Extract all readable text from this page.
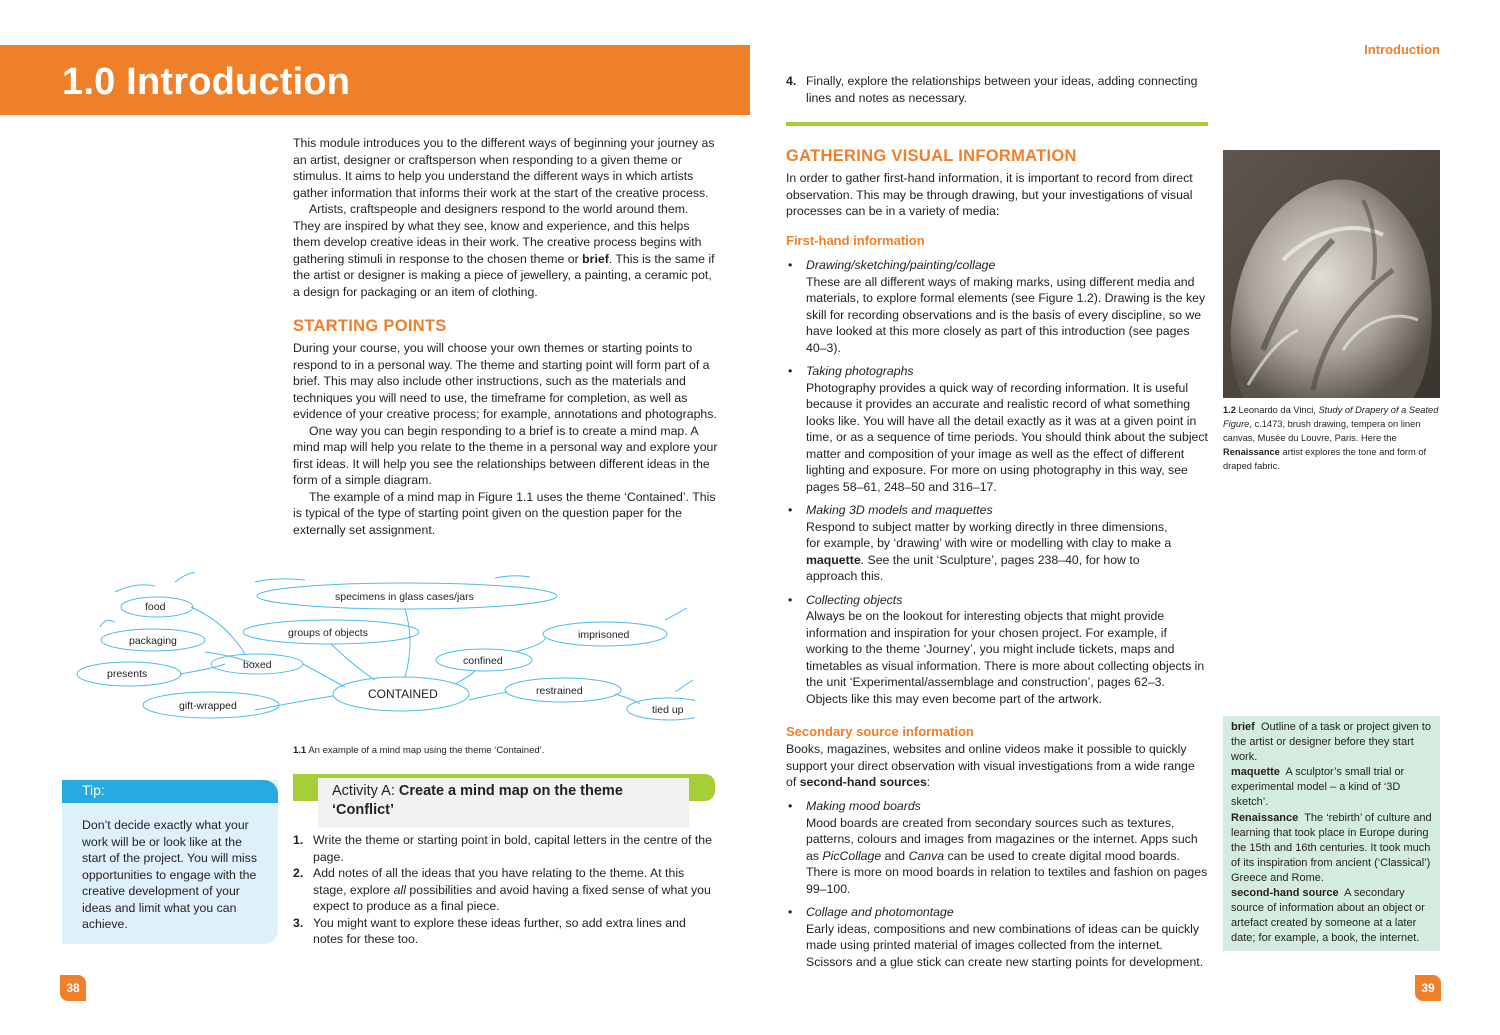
1.0 Introduction
Introduction

This module introduces you to the different ways of beginning your journey as an artist, designer or craftsperson when responding to a given theme or stimulus. It aims to help you understand the different ways in which artists gather information that informs their work at the start of the creative process.

Artists, craftspeople and designers respond to the world around them. They are inspired by what they see, know and experience, and this helps them develop creative ideas in their work. The creative process begins with gathering stimuli in response to the chosen theme or brief. This is the same if the artist or designer is making a piece of jewellery, a painting, a ceramic pot, a design for packaging or an item of clothing.

STARTING POINTS

During your course, you will choose your own themes or starting points to respond to in a personal way. The theme and starting point will form part of a brief. This may also include other instructions, such as the materials and techniques you will need to use, the timeframe for completion, as well as evidence of your creative process; for example, annotations and photographs.

One way you can begin responding to a brief is to create a mind map. A mind map will help you relate to the theme in a personal way and explore your first ideas. It will help you see the relationships between different ideas in the form of a simple diagram.

The example of a mind map in Figure 1.1 uses the theme ‘Contained’. This is typical of the type of starting point given on the question paper for the externally set assignment.

food
packaging
presents
boxed
gift-wrapped
specimens in glass cases/jars
groups of objects
confined
imprisoned
restrained
tied up
CONTAINED
1.1 An example of a mind map using the theme ‘Contained’.
Tip:
Don’t decide exactly what your work will be or look like at the start of the project. You will miss opportunities to engage with the creative development of your ideas and limit what you can achieve.
Activity A: Create a mind map on the theme ‘Conflict’
1. Write the theme or starting point in bold, capital letters in the centre of the page.
2. Add notes of all the ideas that you have relating to the theme. At this stage, explore all possibilities and avoid having a fixed sense of what you expect to produce as a final piece.
3. You might want to explore these ideas further, so add extra lines and notes for these too.
4. Finally, explore the relationships between your ideas, adding connecting lines and notes as necessary.
GATHERING VISUAL INFORMATION
In order to gather first-hand information, it is important to record from direct observation. This may be through drawing, but your investigations of visual processes can be in a variety of media:
First-hand information
• Drawing/sketching/painting/collage
These are all different ways of making marks, using different media and materials, to explore formal elements (see Figure 1.2). Drawing is the key skill for recording observations and is the basis of every discipline, so we have looked at this more closely as part of this introduction (see pages 40–3).
• Taking photographs
Photography provides a quick way of recording information. It is useful because it provides an accurate and realistic record of what something looks like. You will have all the detail exactly as it was at a given point in time, or as a sequence of time periods. You should think about the subject matter and composition of your image as well as the effect of different lighting and exposure. For more on using photography in this way, see pages 58–61, 248–50 and 316–17.
• Making 3D models and maquettes
Respond to subject matter by working directly in three dimensions, for example, by ‘drawing’ with wire or modelling with clay to make a maquette. See the unit ‘Sculpture’, pages 238–40, for how to approach this.
• Collecting objects
Always be on the lookout for interesting objects that might provide information and inspiration for your chosen project. For example, if working to the theme ‘Journey’, you might include tickets, maps and timetables as visual information. There is more about collecting objects in the unit ‘Experimental/assemblage and construction’, pages 62–3. Objects like this may even become part of the artwork.
Secondary source information
Books, magazines, websites and online videos make it possible to quickly support your direct observation with visual investigations from a wide range of second-hand sources:
• Making mood boards
Mood boards are created from secondary sources such as textures, patterns, colours and images from magazines or the internet. Apps such as PicCollage and Canva can be used to create digital mood boards. There is more on mood boards in relation to textiles and fashion on pages 99–100.
• Collage and photomontage
Early ideas, compositions and new combinations of ideas can be quickly made using printed material of images collected from the internet. Scissors and a glue stick can create new starting points for development.
1.2 Leonardo da Vinci, Study of Drapery of a Seated Figure, c.1473, brush drawing, tempera on linen canvas, Musée du Louvre, Paris. Here the Renaissance artist explores the tone and form of draped fabric.

brief Outline of a task or project given to the artist or designer before they start work.

maquette A sculptor’s small trial or experimental model – a kind of ‘3D sketch’.

Renaissance The ‘rebirth’ of culture and learning that took place in Europe during the 15th and 16th centuries. It took much of its inspiration from ancient (‘Classical’) Greece and Rome.

second-hand source A secondary source of information about an object or artefact created by someone at a later date; for example, a book, the internet.

38	39
